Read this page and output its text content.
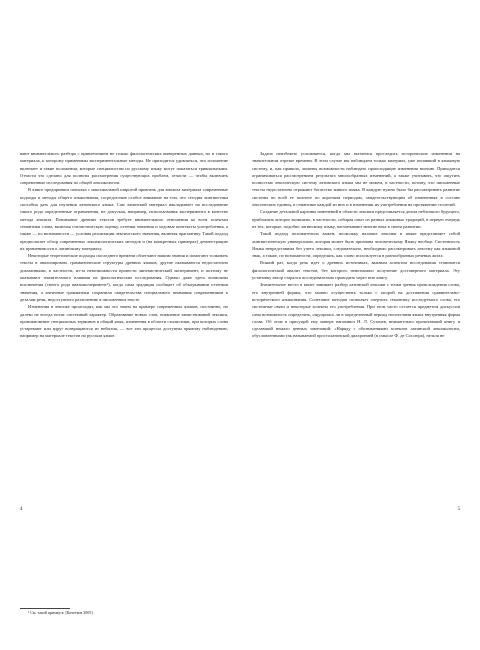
вают внимательного разбора с привлечением не только филологических выверенных данных, но и такого материала, к которому применимы экспериментальные методы. Не приходится удивляться, что изложение включает и такие положения, которые специалистам по русскому языку могут показаться тривиальными. Отчасти это сделано для полноты рассмотрения существующих проблем, отчасти — чтобы включить современные исследования по общей лексикологии.

В книге предпринята попытка с максимальной широтой привлечь для анализа материала современные подходы и методы общего языкознания, сосредоточив особое внимание на том, что сегодня лингвистика способна дать для изучения латинского языка. Сам латинский материал накладывает на исследование такого рода определенные ограничения, не допуская, например, использования эксперимента в качестве метода анализа. Понимание древних текстов требует внимательного отношения ко всем аспектам семантики слова, включая стилистическую оценку, оттенки значения и ходовые контексты употребления, а также — по возможности — условия реализации лексического значения, включая прагматику. Такой подход предполагает обзор современных лексикологических методов и (на конкретных примерах) демонстрацию их применимости к латинскому материалу.

Некоторые теоретические подходы последнего времени облегчают нашим знания и помогают толковать тексты в анализировать грамматические структуры древних языков, другие оказываются недостаточно доказанными, в частности, из-за невозможности провести лингвистический эксперимент, и поэтому не оказывают значительного влияния на филологические исследования. Однако даже здесь возможны исключения (своего рода квазиэксперимент¹), когда сама традиция сообщает об обыгрывании оттенков значения, а античные грамматики сохранили свидетельства специального внимания современников к деталям речи, недоступного различению в письменном тексте.

Изменения в лексике происходят, как мы это знаем на примере современных языков, постоянно, но далеко не всегда носят системный характер. Образование новых слов, появление заимствований лексики, проникновение специальных терминов в общий язык, изменения в области стилистики, при которых слова устаревают или вдруг возвращаются из небытия, — все эти процессы доступны прямому наблюдению, например на материале текстов на русском языке.

¹ См. такой пример в: [Кочетков 2005].

Задача неизбежно усложняется, когда мы пытаемся проследить исторические изменения на значительном отрезке времени. В этом случае мы наблюдаем только материал, уже попавший в языковую систему, и, как правило, лишены возможности наблюдать происходящие изменения воочию. Приходится ограничиваться рассмотрением результата многообразных изменений, а также учитывать, что ощутить полностью лексическую систему латинского языка мы не можем, в частности, потому, что письменные тексты недостаточно отражают богатство живого языка. В каждую нужно было бы рассматривать развитие системы во всей ее полноте по коротким периодам, свидетельствующим об изменениях в составе лексических единиц, в семантике каждой из них и в изменении их употребления на протяжении столетий.

Создание детальной картины изменений в области лексики представляется делом неблизкого будущего, приблизить которое возможно, в частности, собирая опыт из разных языковых традиций, в первую очередь из тех, которые, подобно латинскому языку, насчитывают многие века в своем развитии.

Такой подход положительно важен, поскольку наличие лексики в языке представляет собой лингвистическую универсалию, которая может быть признана человеческому Языку вообще. Системность Языка непредставима без учета лексики, следовательно, необходимо рассматривать лексему как языковой знак, а также, по возможности, определять, как слово используется в разнообразных речевых актах.

Всякий раз, когда речь идет о древних источниках, важным аспектом исследования становится филологический анализ текстов, без которого невозможно получение достоверного материала. Эту установку автор старался последовательно проводить через всю книгу.

Значительное место в книге занимает разбор латинской лексики с точки зрения происхождения слова, его внутренней формы, что можно осуществить только с опорой на достижения сравнительно-исторического языкознания. Сочетание методов позволяет очертить семантику исследуемого слова, его системные связи и некоторые аспекты его употребления. При этом часто остается предметом дискуссии сама возможность определить, ощущалась ли в определенный период носителями языка внутренняя форма слова. Об этом в присущей ему манере напомнил Н. Л. Сухачев, внимательно прочитавший книгу и сделавший немало ценных замечаний: «Наряду с обозначениями аспектов латинской лексикологии, обусловленными так называемой простолатинской диахронией (в смысле Ф. де Соссюра), нельзя не

4	5
